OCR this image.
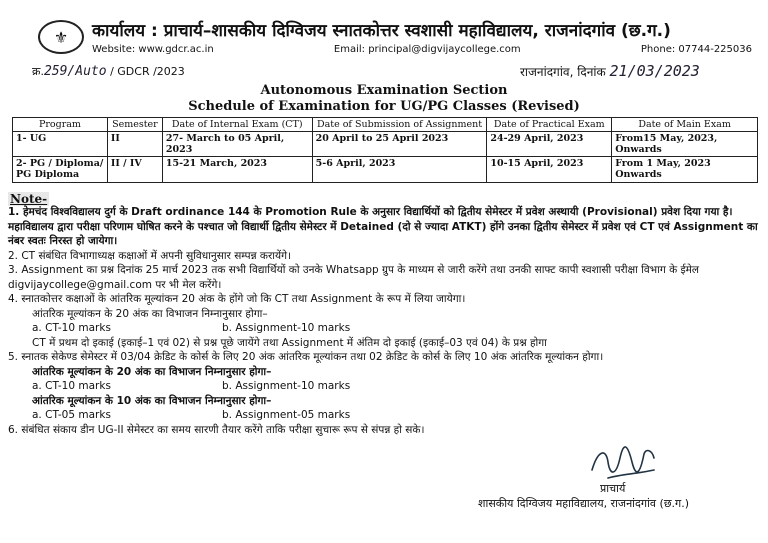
⚜	कार्यालय : प्राचार्य–शासकीय दिग्विजय स्नातकोत्तर स्वशासी महाविद्यालय, राजनांदगांव (छ.ग.)
Website: www.gdcr.ac.in	Email: principal@digvijaycollege.com	Phone: 07744-225036
क्र.259/Auto / GDCR /2023	राजनांदगांव, दिनांक 21/03/2023
Autonomous Examination Section
Schedule of Examination for UG/PG Classes (Revised)
Program	Semester	Date of Internal Exam (CT)	Date of Submission of Assignment	Date of Practical Exam	Date of Main Exam
1- UG	II	27- March to 05 April, 2023	20 April to 25 April 2023	24-29 April, 2023	From15 May, 2023, Onwards
2- PG / Diploma/ PG Diploma	II / IV	15-21 March, 2023	5-6 April, 2023	10-15 April, 2023	From 1 May, 2023 Onwards
Note-
1. हेमचंद विश्वविद्यालय दुर्ग के Draft ordinance 144 के Promotion Rule के अनुसार विद्यार्थियों को द्वितीय सेमेस्टर में प्रवेश अस्थायी (Provisional) प्रवेश दिया गया है। महाविद्यालय द्वारा परीक्षा परिणाम घोषित करने के पश्चात जो विद्यार्थी द्वितीय सेमेस्टर में Detained (दो से ज्यादा ATKT) होंगे उनका द्वितीय सेमेस्टर में प्रवेश एवं CT एवं Assignment का नंबर स्वतः निरस्त हो जायेगा।
2. CT संबंधित विभागाध्यक्ष कक्षाओं में अपनी सुविधानुसार सम्पन्न करायेंगे।
3. Assignment का प्रश्न दिनांक 25 मार्च 2023 तक सभी विद्यार्थियों को उनके Whatsapp ग्रुप के माध्यम से जारी करेंगे तथा उनकी साफ्ट कापी स्वशासी परीक्षा विभाग के ईमेल digvijaycollege@gmail.com पर भी मेल करेंगे।
4. स्नातकोत्तर कक्षाओं के आंतरिक मूल्यांकन 20 अंक के होंगे जो कि CT तथा Assignment के रूप में लिया जायेगा।
आंतरिक मूल्यांकन के 20 अंक का विभाजन निम्नानुसार होगा–
a. CT-10 marks	b. Assignment-10 marks
CT में प्रथम दो इकाई (इकाई–1 एवं 02) से प्रश्न पूछे जायेंगे तथा Assignment में अंतिम दो इकाई (इकाई–03 एवं 04) के प्रश्न होगा
5. स्नातक सेकेण्ड सेमेस्टर में 03/04 क्रेडिट के कोर्स के लिए 20 अंक आंतरिक मूल्यांकन तथा 02 क्रेडिट के कोर्स के लिए 10 अंक आंतरिक मूल्यांकन होगा।
आंतरिक मूल्यांकन के 20 अंक का विभाजन निम्नानुसार होगा–
a. CT-10 marks	b. Assignment-10 marks
आंतरिक मूल्यांकन के 10 अंक का विभाजन निम्नानुसार होगा–
a. CT-05 marks	b. Assignment-05 marks
6. संबंधित संकाय डीन UG-II सेमेस्टर का समय सारणी तैयार करेंगे ताकि परीक्षा सुचारू रूप से संपन्न हो सके।
प्राचार्य
शासकीय दिग्विजय महाविद्यालय, राजनांदगांव (छ.ग.)
